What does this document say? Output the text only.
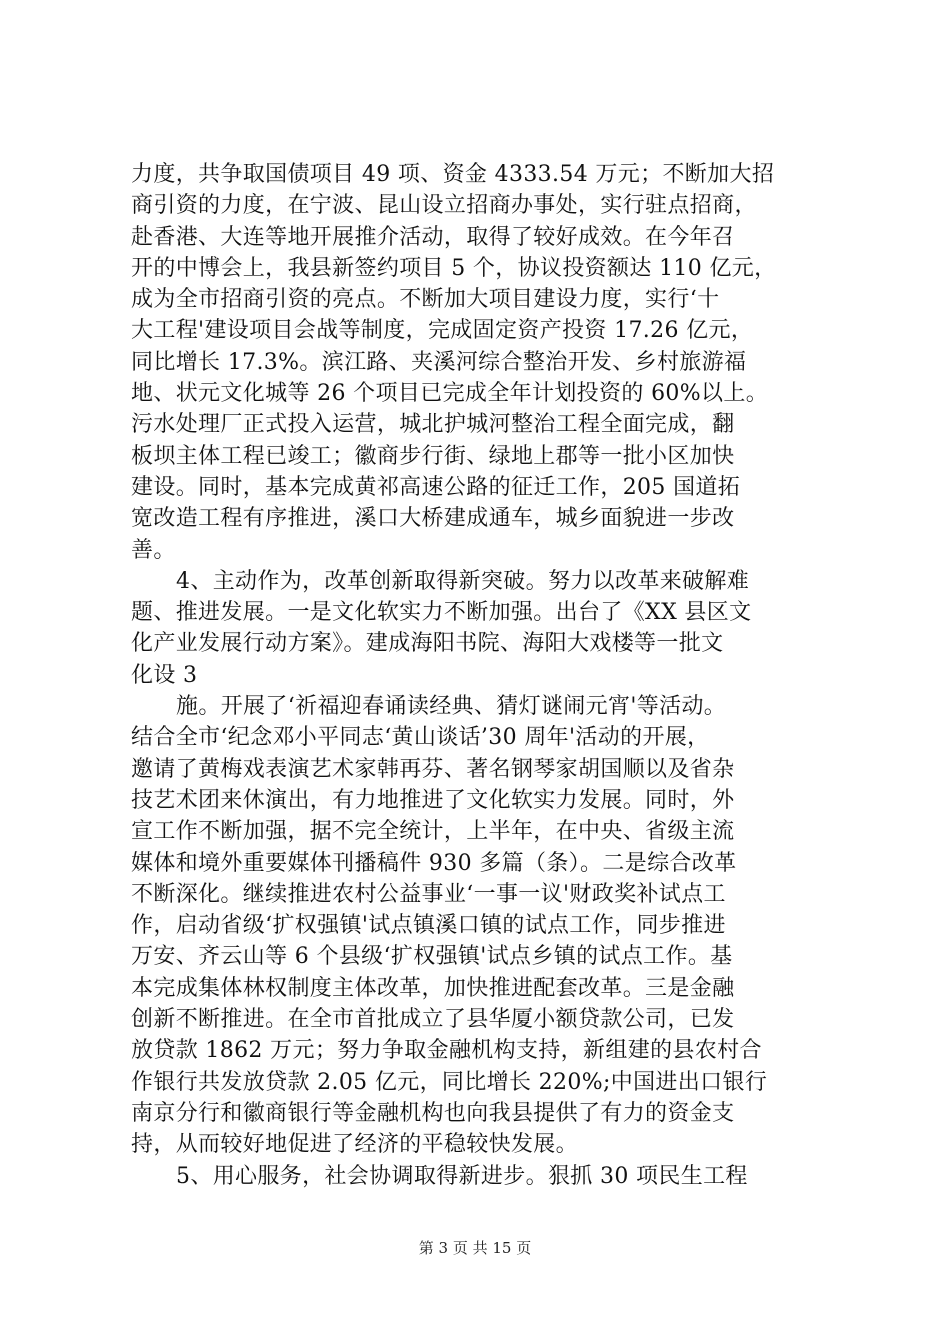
力度，共争取国债项目 49 项、资金 4333.54 万元；不断加大招
商引资的力度，在宁波、昆山设立招商办事处，实行驻点招商，
赴香港、大连等地开展推介活动，取得了较好成效。在今年召
开的中博会上，我县新签约项目 5 个，协议投资额达 110 亿元，
成为全市招商引资的亮点。不断加大项目建设力度，实行‘十
大工程'建设项目会战等制度，完成固定资产投资 17.26 亿元，
同比增长 17.3%。滨江路、夹溪河综合整治开发、乡村旅游福
地、状元文化城等 26 个项目已完成全年计划投资的 60%以上。
污水处理厂正式投入运营，城北护城河整治工程全面完成，翻
板坝主体工程已竣工；徽商步行街、绿地上郡等一批小区加快
建设。同时，基本完成黄祁高速公路的征迁工作，205 国道拓
宽改造工程有序推进，溪口大桥建成通车，城乡面貌进一步改
善。
4、主动作为，改革创新取得新突破。努力以改革来破解难
题、推进发展。一是文化软实力不断加强。出台了《XX 县区文
化产业发展行动方案》。建成海阳书院、海阳大戏楼等一批文
化设 3
施。开展了‘祈福迎春诵读经典、猜灯谜闹元宵'等活动。
结合全市‘纪念邓小平同志‘黄山谈话’30 周年'活动的开展，
邀请了黄梅戏表演艺术家韩再芬、著名钢琴家胡国顺以及省杂
技艺术团来休演出，有力地推进了文化软实力发展。同时，外
宣工作不断加强，据不完全统计，上半年，在中央、省级主流
媒体和境外重要媒体刊播稿件 930 多篇（条）。二是综合改革
不断深化。继续推进农村公益事业‘一事一议'财政奖补试点工
作，启动省级‘扩权强镇'试点镇溪口镇的试点工作，同步推进
万安、齐云山等 6 个县级‘扩权强镇'试点乡镇的试点工作。基
本完成集体林权制度主体改革，加快推进配套改革。三是金融
创新不断推进。在全市首批成立了县华厦小额贷款公司，已发
放贷款 1862 万元；努力争取金融机构支持，新组建的县农村合
作银行共发放贷款 2.05 亿元，同比增长 220%;中国进出口银行
南京分行和徽商银行等金融机构也向我县提供了有力的资金支
持，从而较好地促进了经济的平稳较快发展。
5、用心服务，社会协调取得新进步。狠抓 30 项民生工程
第 3 页 共 15 页
